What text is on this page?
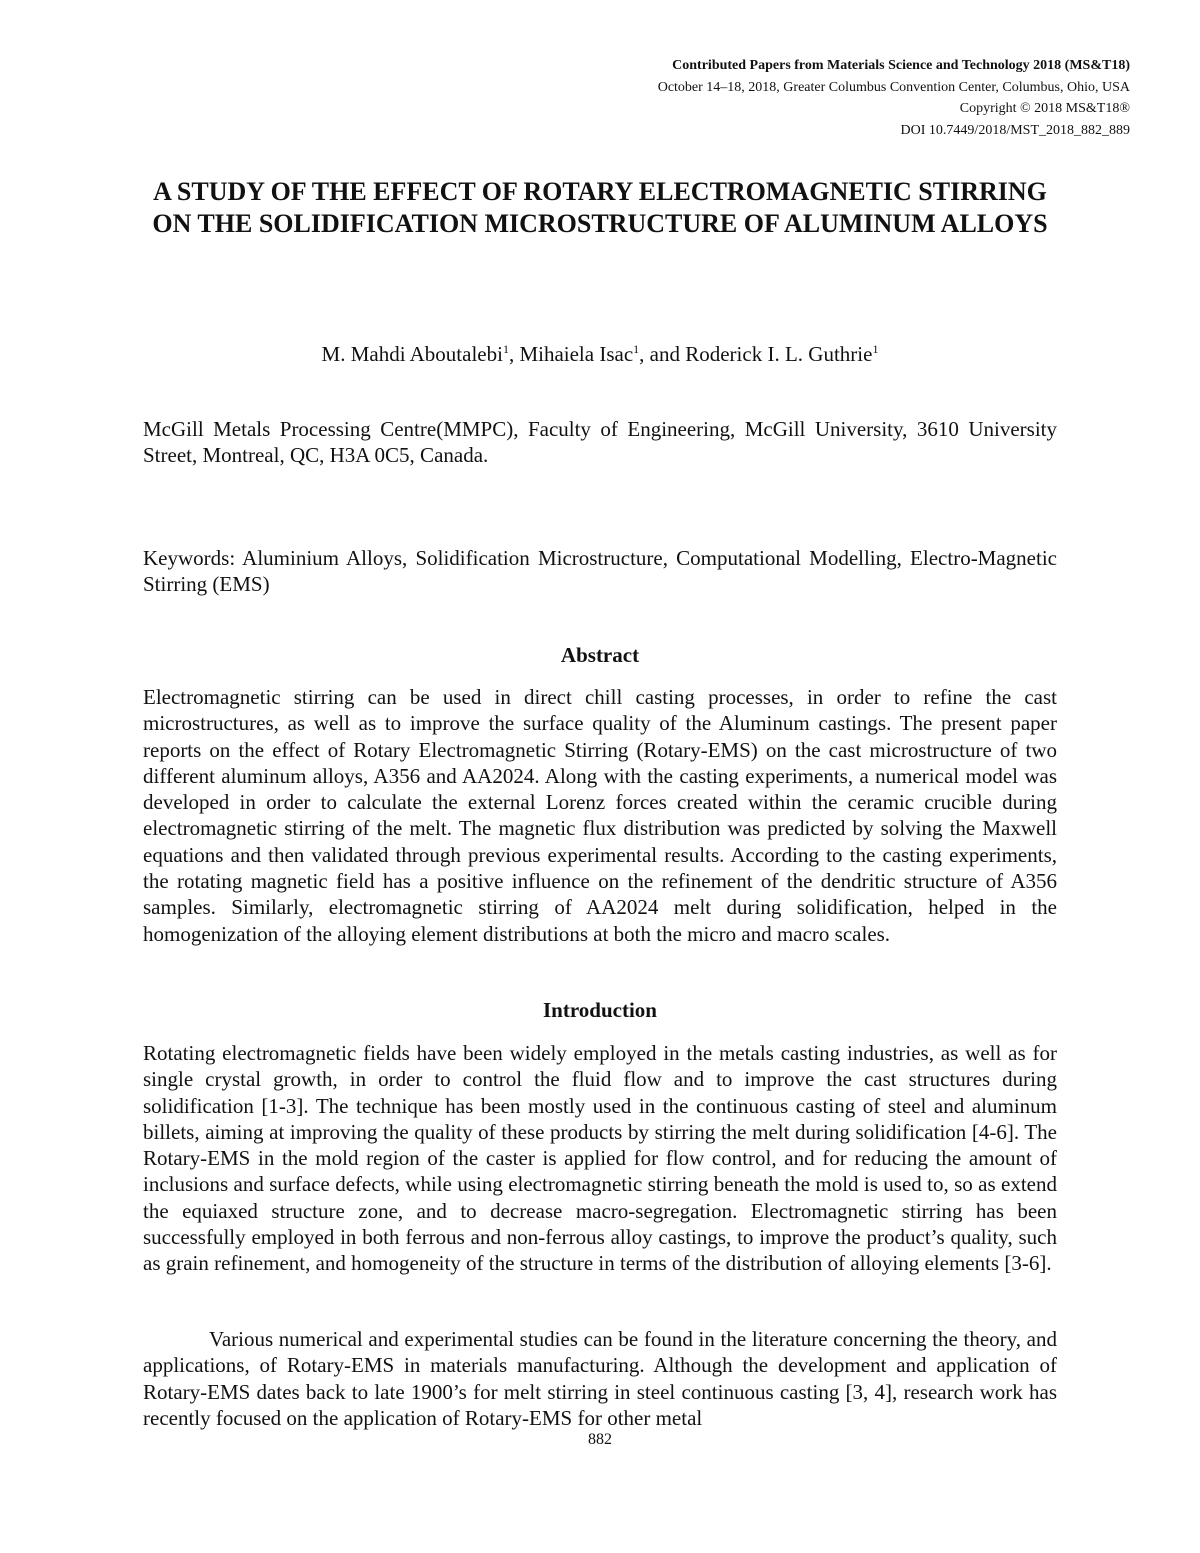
Contributed Papers from Materials Science and Technology 2018 (MS&T18)
October 14–18, 2018, Greater Columbus Convention Center, Columbus, Ohio, USA
Copyright © 2018 MS&T18®
DOI 10.7449/2018/MST_2018_882_889
A STUDY OF THE EFFECT OF ROTARY ELECTROMAGNETIC STIRRING ON THE SOLIDIFICATION MICROSTRUCTURE OF ALUMINUM ALLOYS
M. Mahdi Aboutalebi$^1$, Mihaiela Isac$^1$, and Roderick I. L. Guthrie$^1$
McGill Metals Processing Centre(MMPC), Faculty of Engineering, McGill University, 3610 University Street, Montreal, QC, H3A 0C5, Canada.
Keywords: Aluminium Alloys, Solidification Microstructure, Computational Modelling, Electro-Magnetic Stirring (EMS)
Abstract
Electromagnetic stirring can be used in direct chill casting processes, in order to refine the cast microstructures, as well as to improve the surface quality of the Aluminum castings. The present paper reports on the effect of Rotary Electromagnetic Stirring (Rotary-EMS) on the cast microstructure of two different aluminum alloys, A356 and AA2024. Along with the casting experiments, a numerical model was developed in order to calculate the external Lorenz forces created within the ceramic crucible during electromagnetic stirring of the melt. The magnetic flux distribution was predicted by solving the Maxwell equations and then validated through previous experimental results. According to the casting experiments, the rotating magnetic field has a positive influence on the refinement of the dendritic structure of A356 samples. Similarly, electromagnetic stirring of AA2024 melt during solidification, helped in the homogenization of the alloying element distributions at both the micro and macro scales.
Introduction
Rotating electromagnetic fields have been widely employed in the metals casting industries, as well as for single crystal growth, in order to control the fluid flow and to improve the cast structures during solidification [1-3]. The technique has been mostly used in the continuous casting of steel and aluminum billets, aiming at improving the quality of these products by stirring the melt during solidification [4-6]. The Rotary-EMS in the mold region of the caster is applied for flow control, and for reducing the amount of inclusions and surface defects, while using electromagnetic stirring beneath the mold is used to, so as extend the equiaxed structure zone, and to decrease macro-segregation. Electromagnetic stirring has been successfully employed in both ferrous and non-ferrous alloy castings, to improve the product’s quality, such as grain refinement, and homogeneity of the structure in terms of the distribution of alloying elements [3-6].
Various numerical and experimental studies can be found in the literature concerning the theory, and applications, of Rotary-EMS in materials manufacturing. Although the development and application of Rotary-EMS dates back to late 1900’s for melt stirring in steel continuous casting [3, 4], research work has recently focused on the application of Rotary-EMS for other metal
882
